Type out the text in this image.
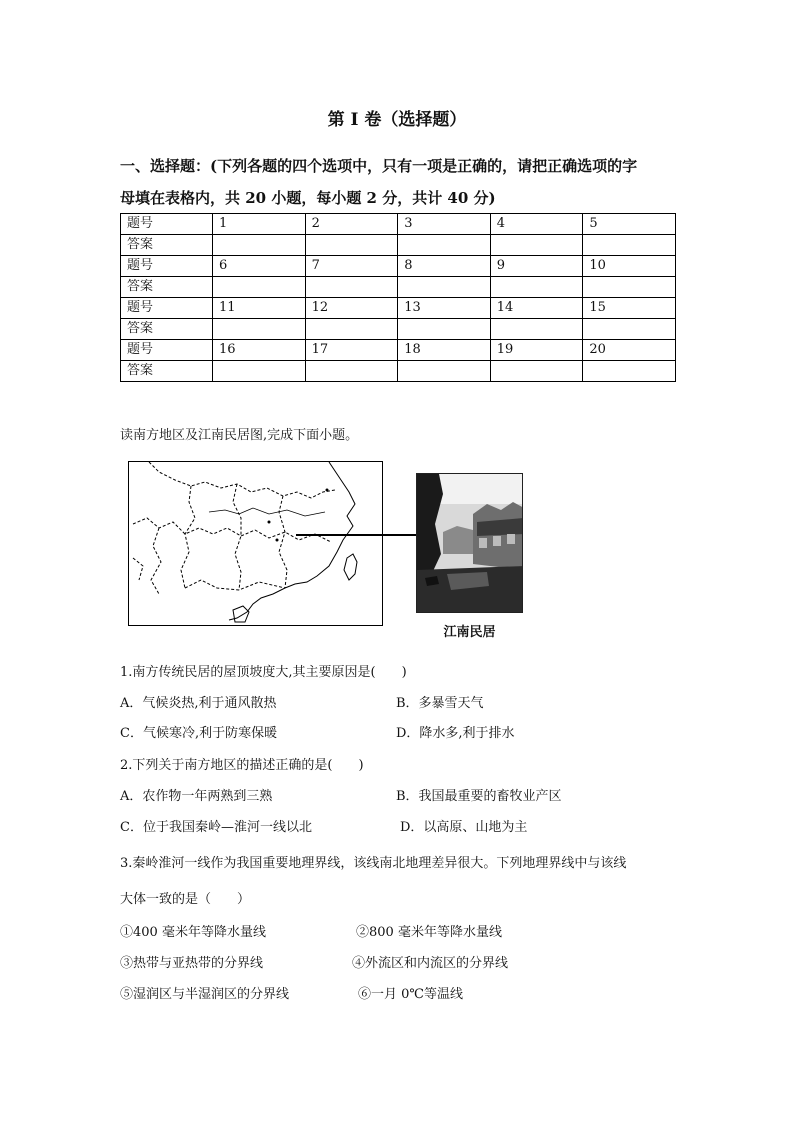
第 I 卷（选择题）
一、选择题：(下列各题的四个选项中，只有一项是正确的，请把正确选项的字
母填在表格内，共 20 小题，每小题 2 分，共计 40 分)
题号	1	2	3	4	5
答案					
题号	6	7	8	9	10
答案					
题号	11	12	13	14	15
答案					
题号	16	17	18	19	20
答案					
读南方地区及江南民居图,完成下面小题。
江南民居
1.南方传统民居的屋顶坡度大,其主要原因是(　　)
A．气候炎热,利于通风散热	B．多暴雪天气
C．气候寒冷,利于防寒保暖	D．降水多,利于排水
2.下列关于南方地区的描述正确的是(　　)
A．农作物一年两熟到三熟	B．我国最重要的畜牧业产区
C．位于我国秦岭—淮河一线以北	D．以高原、山地为主
3.秦岭淮河一线作为我国重要地理界线，该线南北地理差异很大。下列地理界线中与该线
大体一致的是（　　）
①400 毫米年等降水量线	②800 毫米年等降水量线
③热带与亚热带的分界线	④外流区和内流区的分界线
⑤湿润区与半湿润区的分界线	⑥一月 0℃等温线
